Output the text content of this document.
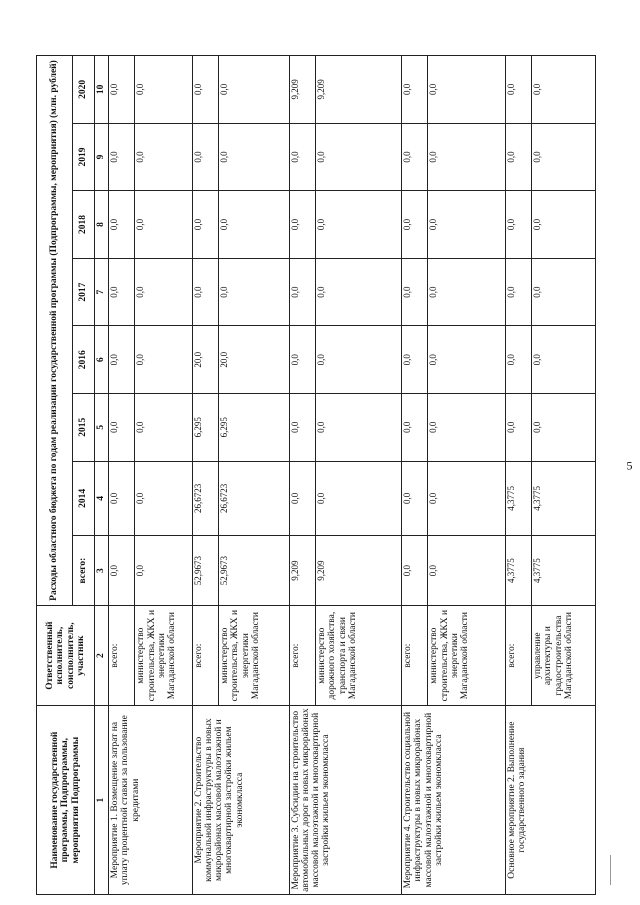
5
Наименование государственной программы, Подпрограммы, мероприятия Подпрограммы	Ответственный исполнитель, соисполнитель, участник	Расходы областного бюджета по годам реализации государственной программы (Подпрограммы, мероприятия) (млн. рублей)							
		всего:	2014	2015	2016	2017	2018	2019	2020
1	2	3	4	5	6	7	8	9	10
Мероприятие 1. Возмещение затрат на уплату процентной ставки за пользование кредитами	всего:	0,0	0,0	0,0	0,0	0,0	0,0	0,0	0,0
	министерство строительства, ЖКХ и энергетики Магаданской области	0,0	0,0	0,0	0,0	0,0	0,0	0,0	0,0
Мероприятие 2. Строительство коммунальной инфраструктуры в новых микрорайонах массовой малоэтажной и многоквартирной застройки жильем экономкласса	всего:	52,9673	26,6723	6,295	20,0	0,0	0,0	0,0	0,0
	министерство строительства, ЖКХ и энергетики Магаданской области	52,9673	26,6723	6,295	20,0	0,0	0,0	0,0	0,0
Мероприятие 3. Субсидии на строительство автомобильных дорог в новых микрорайонах массовой малоэтажной и многоквартирной застройки жильем экономкласса	всего:	9,209	0,0	0,0	0,0	0,0	0,0	0,0	9,209
	министерство дорожного хозяйства, транспорта и связи Магаданской области	9,209	0,0	0,0	0,0	0,0	0,0	0,0	9,209
Мероприятие 4. Строительство социальной инфраструктуры в новых микрорайонах массовой малоэтажной и многоквартирной застройки жильем экономкласса	всего:	0,0	0,0	0,0	0,0	0,0	0,0	0,0	0,0
	министерство строительства, ЖКХ и энергетики Магаданской области	0,0	0,0	0,0	0,0	0,0	0,0	0,0	0,0
Основное мероприятие 2. Выполнение государственного задания	всего:	4,3775	4,3775	0,0	0,0	0,0	0,0	0,0	0,0
	управление архитектуры и градостроительства Магаданской области	4,3775	4,3775	0,0	0,0	0,0	0,0	0,0	0,0
